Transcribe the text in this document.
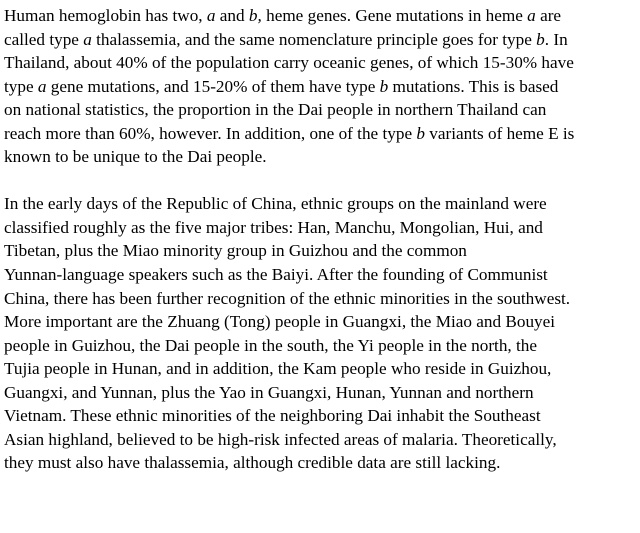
Human hemoglobin has two, a and b, heme genes. Gene mutations in heme a are
called type a thalassemia, and the same nomenclature principle goes for type b. In
Thailand, about 40% of the population carry oceanic genes, of which 15-30% have
type a gene mutations, and 15-20% of them have type b mutations. This is based
on national statistics, the proportion in the Dai people in northern Thailand can
reach more than 60%, however. In addition, one of the type b variants of heme E is
known to be unique to the Dai people.

In the early days of the Republic of China, ethnic groups on the mainland were
classified roughly as the five major tribes: Han, Manchu, Mongolian, Hui, and
Tibetan, plus the Miao minority group in Guizhou and the common
Yunnan-language speakers such as the Baiyi. After the founding of Communist
China, there has been further recognition of the ethnic minorities in the southwest.
More important are the Zhuang (Tong) people in Guangxi, the Miao and Bouyei
people in Guizhou, the Dai people in the south, the Yi people in the north, the
Tujia people in Hunan, and in addition, the Kam people who reside in Guizhou,
Guangxi, and Yunnan, plus the Yao in Guangxi, Hunan, Yunnan and northern
Vietnam. These ethnic minorities of the neighboring Dai inhabit the Southeast
Asian highland, believed to be high-risk infected areas of malaria. Theoretically,
they must also have thalassemia, although credible data are still lacking.
